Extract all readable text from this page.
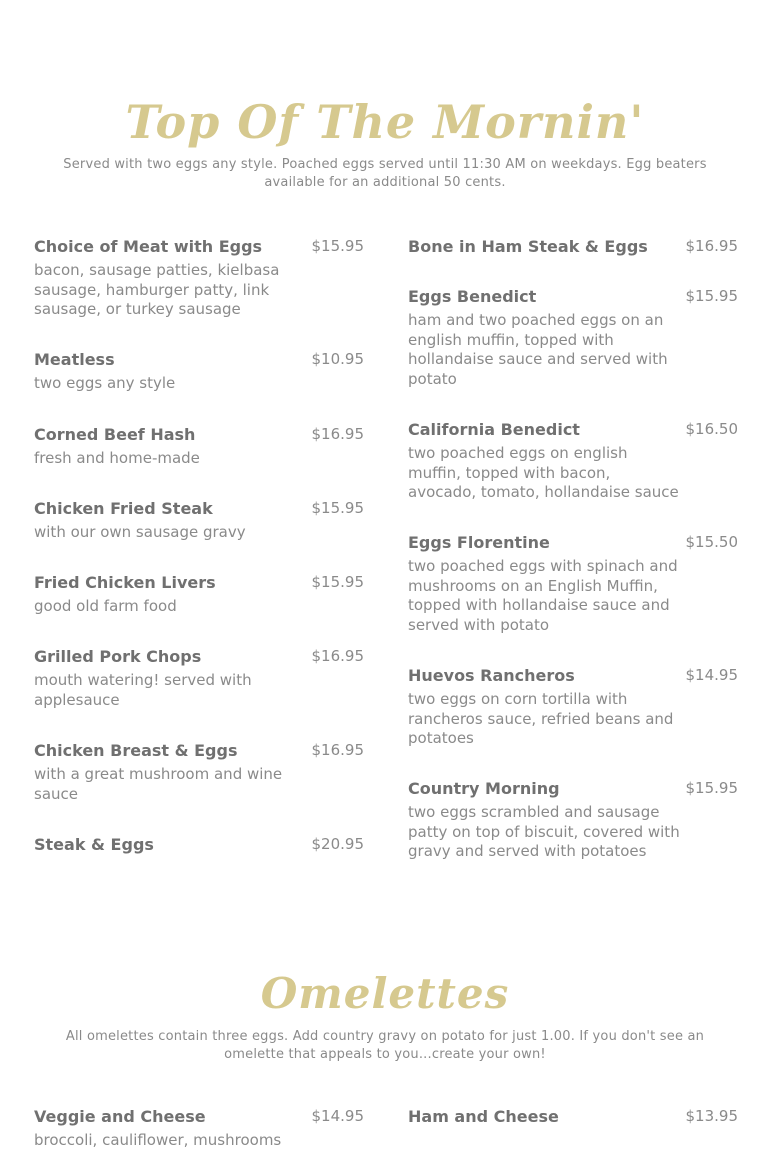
Top Of The Mornin'

Served with two eggs any style. Poached eggs served until 11:30 AM on weekdays. Egg beaters available for an additional 50 cents.

Choice of Meat with Eggs	$15.95
bacon, sausage patties, kielbasa sausage, hamburger patty, link sausage, or turkey sausage
Meatless	$10.95
two eggs any style
Corned Beef Hash	$16.95
fresh and home-made
Chicken Fried Steak	$15.95
with our own sausage gravy
Fried Chicken Livers	$15.95
good old farm food
Grilled Pork Chops	$16.95
mouth watering! served with applesauce
Chicken Breast & Eggs	$16.95
with a great mushroom and wine sauce
Steak & Eggs	$20.95
Bone in Ham Steak & Eggs	$16.95
Eggs Benedict	$15.95
ham and two poached eggs on an english muffin, topped with hollandaise sauce and served with potato
California Benedict	$16.50
two poached eggs on english muffin, topped with bacon, avocado, tomato, hollandaise sauce
Eggs Florentine	$15.50
two poached eggs with spinach and mushrooms on an English Muffin, topped with hollandaise sauce and served with potato
Huevos Rancheros	$14.95
two eggs on corn tortilla with rancheros sauce, refried beans and potatoes
Country Morning	$15.95
two eggs scrambled and sausage patty on top of biscuit, covered with gravy and served with potatoes
Omelettes

All omelettes contain three eggs. Add country gravy on potato for just 1.00. If you don't see an omelette that appeals to you...create your own!

Veggie and Cheese	$14.95
broccoli, cauliflower, mushrooms
Ham and Cheese	$13.95
